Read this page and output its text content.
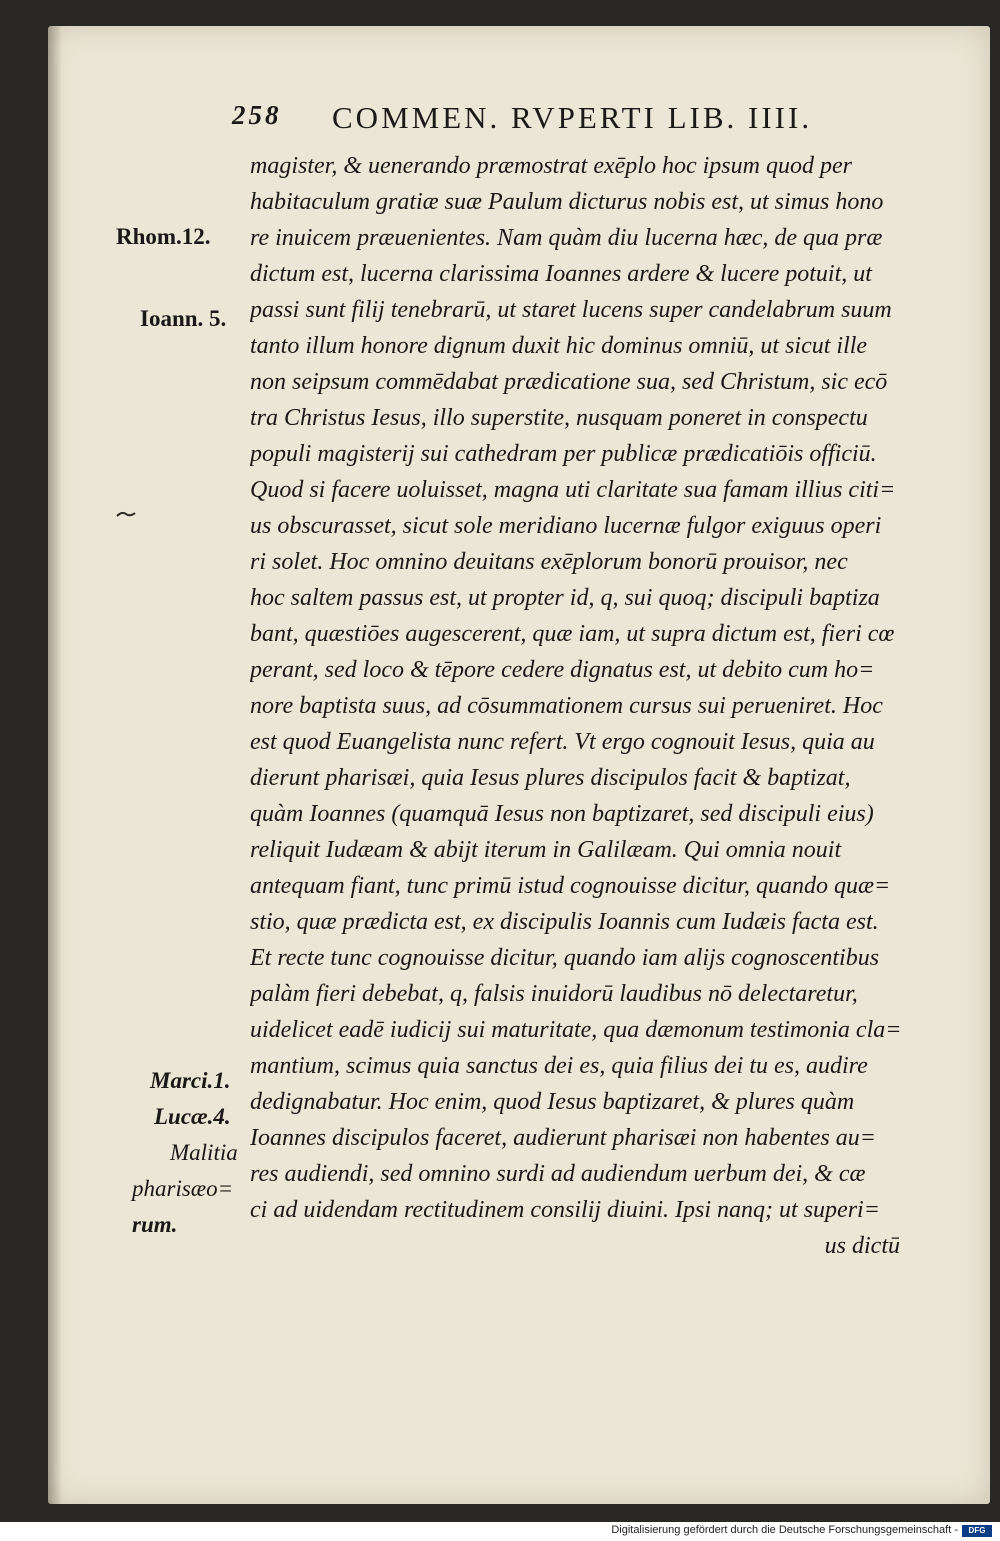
258 COMMEN. RVPERTI LIB. IIII.
Rhom.12.
Ioann. 5.
Marci.1.
Lucæ.4.
Malitia
pharisæo=
rum.
magister, & uenerando præmostrat exēplo hoc ipsum quod per
habitaculum gratiæ suæ Paulum dicturus nobis est, ut simus hono
re inuicem præuenientes. Nam quàm diu lucerna hæc, de qua præ
dictum est, lucerna clarissima Ioannes ardere & lucere potuit, ut
passi sunt filij tenebrarū, ut staret lucens super candelabrum suum
tanto illum honore dignum duxit hic dominus omniū, ut sicut ille
non seipsum commēdabat prædicatione sua, sed Christum, sic ecō
tra Christus Iesus, illo superstite, nusquam poneret in conspectu
populi magisterij sui cathedram per publicæ prædicatiōis officiū.
Quod si facere uoluisset, magna uti claritate sua famam illius citi=
us obscurasset, sicut sole meridiano lucernæ fulgor exiguus operi
ri solet. Hoc omnino deuitans exēplorum bonorū prouisor, nec
hoc saltem passus est, ut propter id, q, sui quoq; discipuli baptiza
bant, quæstiōes augescerent, quæ iam, ut supra dictum est, fieri cœ
perant, sed loco & tēpore cedere dignatus est, ut debito cum ho=
nore baptista suus, ad cōsummationem cursus sui perueniret. Hoc
est quod Euangelista nunc refert. Vt ergo cognouit Iesus, quia au
dierunt pharisæi, quia Iesus plures discipulos facit & baptizat,
quàm Ioannes (quamquā Iesus non baptizaret, sed discipuli eius)
reliquit Iudæam & abijt iterum in Galilæam. Qui omnia nouit
antequam fiant, tunc primū istud cognouisse dicitur, quando quæ=
stio, quæ prædicta est, ex discipulis Ioannis cum Iudæis facta est.
Et recte tunc cognouisse dicitur, quando iam alijs cognoscentibus
palàm fieri debebat, q, falsis inuidorū laudibus nō delectaretur,
uidelicet eadē iudicij sui maturitate, qua dæmonum testimonia cla=
mantium, scimus quia sanctus dei es, quia filius dei tu es, audire
dedignabatur. Hoc enim, quod Iesus baptizaret, & plures quàm
Ioannes discipulos faceret, audierunt pharisæi non habentes au=
res audiendi, sed omnino surdi ad audiendum uerbum dei, & cæ
ci ad uidendam rectitudinem consilij diuini. Ipsi nanq; ut superi=
us dictū
Digitalisierung gefördert durch die Deutsche Forschungsgemeinschaft -	DFG
